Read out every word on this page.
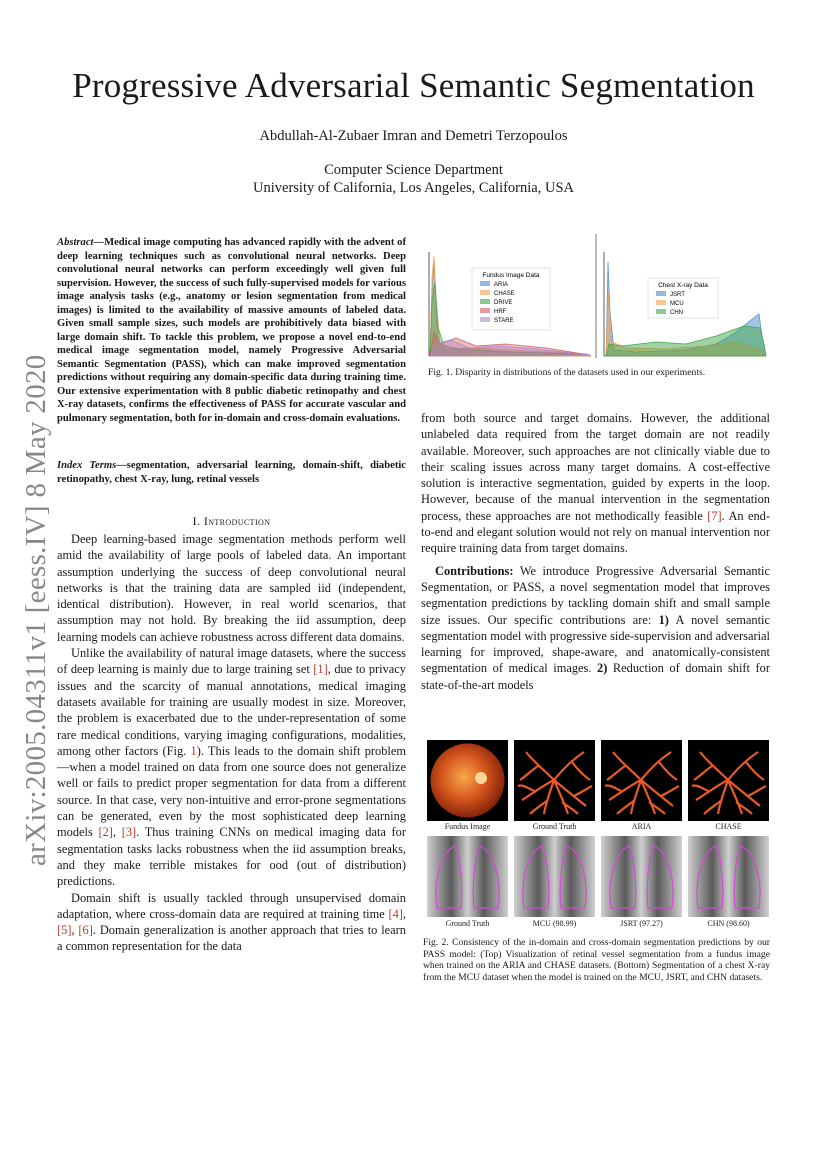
Progressive Adversarial Semantic Segmentation
Abdullah-Al-Zubaer Imran and Demetri Terzopoulos
Computer Science Department
University of California, Los Angeles, California, USA
arXiv:2005.04311v1 [eess.IV] 8 May 2020
Abstract—Medical image computing has advanced rapidly with the advent of deep learning techniques such as convolutional neural networks. Deep convolutional neural networks can perform exceedingly well given full supervision. However, the success of such fully-supervised models for various image analysis tasks (e.g., anatomy or lesion segmentation from medical images) is limited to the availability of massive amounts of labeled data. Given small sample sizes, such models are prohibitively data biased with large domain shift. To tackle this problem, we propose a novel end-to-end medical image segmentation model, namely Progressive Adversarial Semantic Segmentation (PASS), which can make improved segmentation predictions without requiring any domain-specific data during training time. Our extensive experimentation with 8 public diabetic retinopathy and chest X-ray datasets, confirms the effectiveness of PASS for accurate vascular and pulmonary segmentation, both for in-domain and cross-domain evaluations.
Index Terms—segmentation, adversarial learning, domain-shift, diabetic retinopathy, chest X-ray, lung, retinal vessels
I. Introduction

Deep learning-based image segmentation methods perform well amid the availability of large pools of labeled data. An important assumption underlying the success of deep convolutional neural networks is that the training data are sampled iid (independent, identical distribution). However, in real world scenarios, that assumption may not hold. By breaking the iid assumption, deep learning models can achieve robustness across different data domains.

Unlike the availability of natural image datasets, where the success of deep learning is mainly due to large training set [1], due to privacy issues and the scarcity of manual annotations, medical imaging datasets available for training are usually modest in size. Moreover, the problem is exacerbated due to the under-representation of some rare medical conditions, varying imaging configurations, modalities, among other factors (Fig. 1). This leads to the domain shift problem—when a model trained on data from one source does not generalize well or fails to predict proper segmentation for data from a different source. In that case, very non-intuitive and error-prone segmentations can be generated, even by the most sophisticated deep learning models [2], [3]. Thus training CNNs on medical imaging data for segmentation tasks lacks robustness when the iid assumption breaks, and they make terrible mistakes for ood (out of distribution) predictions.

Domain shift is usually tackled through unsupervised domain adaptation, where cross-domain data are required at training time [4], [5], [6]. Domain generalization is another approach that tries to learn a common representation for the data

from both source and target domains. However, the additional unlabeled data required from the target domain are not readily available. Moreover, such approaches are not clinically viable due to their scaling issues across many target domains. A cost-effective solution is interactive segmentation, guided by experts in the loop. However, because of the manual intervention in the segmentation process, these approaches are not methodically feasible [7]. An end-to-end and elegant solution would not rely on manual intervention nor require training data from target domains.

Contributions: We introduce Progressive Adversarial Semantic Segmentation, or PASS, a novel segmentation model that improves segmentation predictions by tackling domain shift and small sample size issues. Our specific contributions are: 1) A novel semantic segmentation model with progressive side-supervision and adversarial learning for improved, shape-aware, and anatomically-consistent segmentation of medical images. 2) Reduction of domain shift for state-of-the-art models

Fundus Image Data
ARIA
CHASE
DRIVE
HRF
STARE
Chest X-ray Data
JSRT
MCU
CHN
Fig. 1. Disparity in distributions of the datasets used in our experiments.
Fundus Image	Ground Truth	ARIA	CHASE
Ground Truth	MCU (98.99)	JSRT (97.27)	CHN (98.60)
Fig. 2. Consistency of the in-domain and cross-domain segmentation predictions by our PASS model: (Top) Visualization of retinal vessel segmentation from a fundus image when trained on the ARIA and CHASE datasets. (Bottom) Segmentation of a chest X-ray from the MCU dataset when the model is trained on the MCU, JSRT, and CHN datasets.
